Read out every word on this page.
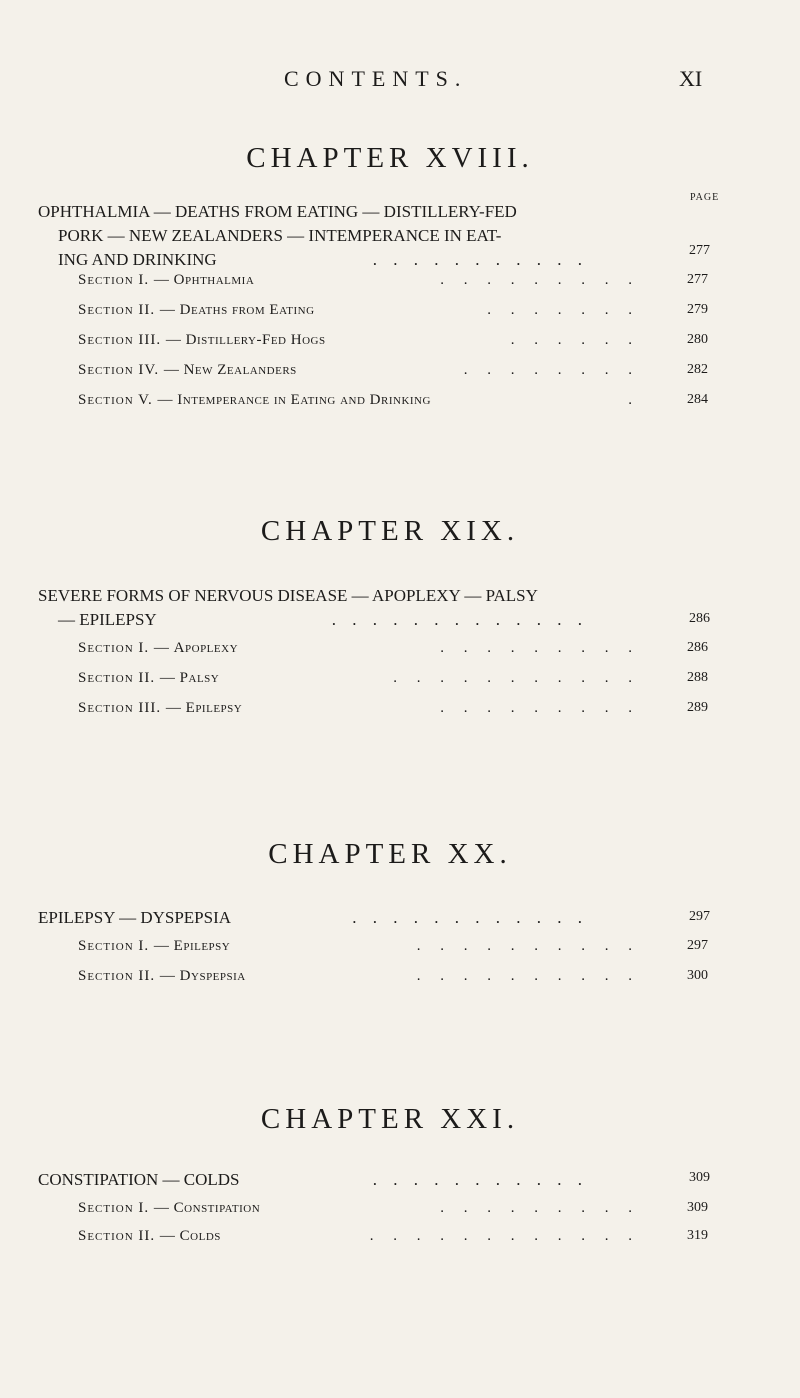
CONTENTS.	XI
CHAPTER XVIII.
PAGE
OPHTHALMIA — DEATHS FROM EATING — DISTILLERY-FED
PORK — NEW ZEALANDERS — INTEMPERANCE IN EAT-
ING AND DRINKING	. . . . . . . . . . .	277
Section I. — Ophthalmia	. . . . . . . . .	277
Section II. — Deaths from Eating	. . . . . . .	279
Section III. — Distillery-Fed Hogs	. . . . . .	280
Section IV. — New Zealanders	. . . . . . . .	282
Section V. — Intemperance in Eating and Drinking	.	284
CHAPTER XIX.
SEVERE FORMS OF NERVOUS DISEASE — APOPLEXY — PALSY
— EPILEPSY	. . . . . . . . . . . . .	286
Section I. — Apoplexy	. . . . . . . . .	286
Section II. — Palsy	. . . . . . . . . . .	288
Section III. — Epilepsy	. . . . . . . . .	289
CHAPTER XX.
EPILEPSY — DYSPEPSIA	. . . . . . . . . . . .	297
Section I. — Epilepsy	. . . . . . . . . .	297
Section II. — Dyspepsia	. . . . . . . . . .	300
CHAPTER XXI.
CONSTIPATION — COLDS	. . . . . . . . . . .	309
Section I. — Constipation	. . . . . . . . .	309
Section II. — Colds	. . . . . . . . . . . .	319
